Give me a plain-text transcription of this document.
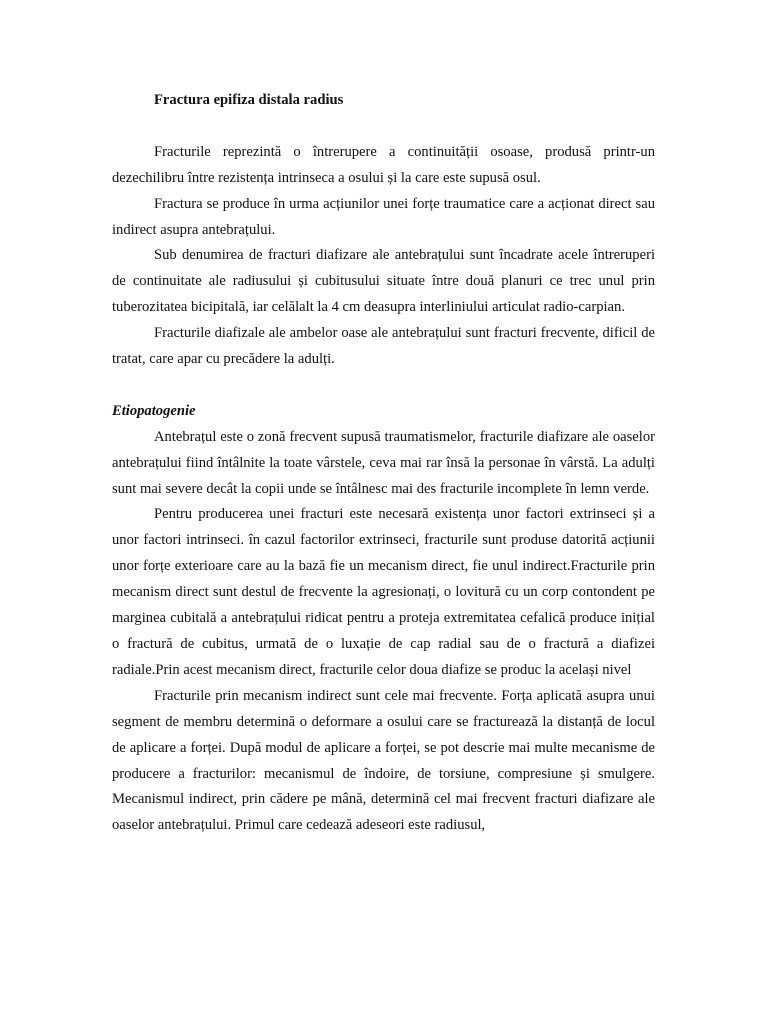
Fractura epifiza distala radius

Fracturile reprezintă o întrerupere a continuității osoase, produsă printr-un dezechilibru între rezistența intrinseca a osului și la care este supusă osul.

Fractura se produce în urma acțiunilor unei forțe traumatice care a acționat direct sau indirect asupra antebrațului.

Sub denumirea de fracturi diafizare ale antebrațului sunt încadrate acele întreruperi de continuitate ale radiusului și cubitusului situate între două planuri ce trec unul prin tuberozitatea bicipitală, iar celălalt la 4 cm deasupra interliniului articulat radio-carpian.

Fracturile diafizale ale ambelor oase ale antebrațului sunt fracturi frecvente, dificil de tratat, care apar cu precădere la adulți.

Etiopatogenie

Antebrațul este o zonă frecvent supusă traumatismelor, fracturile diafizare ale oaselor antebrațului fiind întâlnite la toate vârstele, ceva mai rar însă la personae în vârstă. La adulți sunt mai severe decât la copii unde se întâlnesc mai des fracturile incomplete în lemn verde.

Pentru producerea unei fracturi este necesară existența unor factori extrinseci și a unor factori intrinseci. în cazul factorilor extrinseci, fracturile sunt produse datorită acțiunii unor forțe exterioare care au la bază fie un mecanism direct, fie unul indirect.Fracturile prin mecanism direct sunt destul de frecvente la agresionați, o lovitură cu un corp contondent pe marginea cubitală a antebrațului ridicat pentru a proteja extremitatea cefalică produce inițial o fractură de cubitus, urmată de o luxație de cap radial sau de o fractură a diafizei radiale.Prin acest mecanism direct, fracturile celor doua diafize se produc la același nivel

Fracturile prin mecanism indirect sunt cele mai frecvente. Forța aplicată asupra unui segment de membru determină o deformare a osului care se fracturează la distanță de locul de aplicare a forței. După modul de aplicare a forței, se pot descrie mai multe mecanisme de producere a fracturilor: mecanismul de îndoire, de torsiune, compresiune și smulgere. Mecanismul indirect, prin cădere pe mână, determină cel mai frecvent fracturi diafizare ale oaselor antebrațului. Primul care cedează adeseori este radiusul,
